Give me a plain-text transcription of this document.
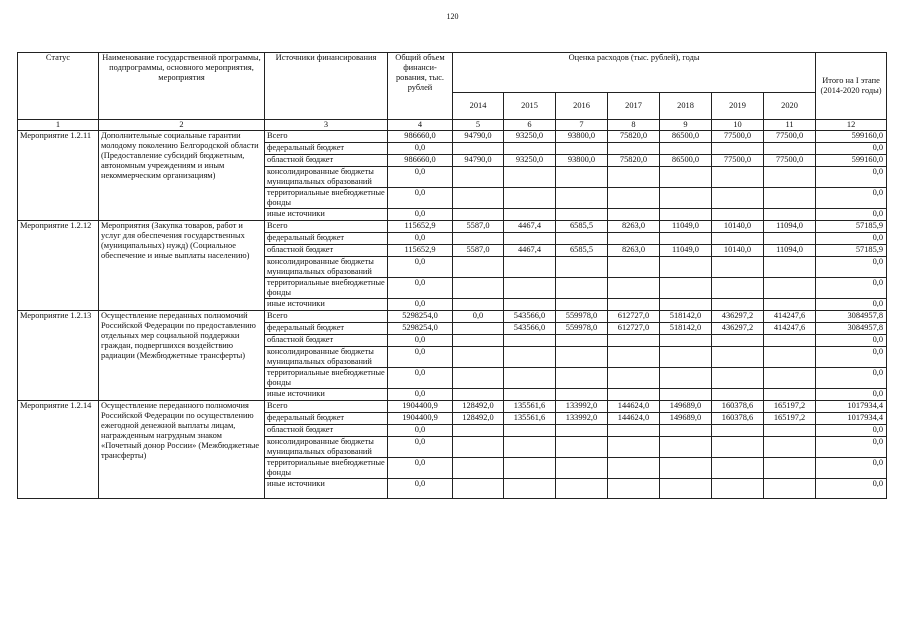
120
Статус	Наименование государственной программы, подпрограммы, основного мероприятия, мероприятия	Источники финансирования	Общий объем финанси-рования, тыс. рублей	Оценка расходов (тыс. рублей), годы							Итого на I этапе (2014-2020 годы)
				2014	2015	2016	2017	2018	2019	2020	
1	2	3	4	5	6	7	8	9	10	11	12
Мероприятие 1.2.11	Дополнительные социальные гарантии молодому поколению Белгородской области (Предоставление субсидий бюджетным, автономным учреждениям и иным некоммерческим организациям)	Всего	986660,0	94790,0	93250,0	93800,0	75820,0	86500,0	77500,0	77500,0	599160,0
		федеральный бюджет	0,0								0,0
		областной бюджет	986660,0	94790,0	93250,0	93800,0	75820,0	86500,0	77500,0	77500,0	599160,0
		консолидированные бюджеты муниципальных образований	0,0								0,0
		территориальные внебюджетные фонды	0,0								0,0
		иные источники	0,0								0,0
Мероприятие 1.2.12	Мероприятия (Закупка товаров, работ и услуг для обеспечения государственных (муниципальных) нужд) (Социальное обеспечение и иные выплаты населению)	Всего	115652,9	5587,0	4467,4	6585,5	8263,0	11049,0	10140,0	11094,0	57185,9
		федеральный бюджет	0,0								0,0
		областной бюджет	115652,9	5587,0	4467,4	6585,5	8263,0	11049,0	10140,0	11094,0	57185,9
		консолидированные бюджеты муниципальных образований	0,0								0,0
		территориальные внебюджетные фонды	0,0								0,0
		иные источники	0,0								0,0
Мероприятие 1.2.13	Осуществление переданных полномочий Российской Федерации по предоставлению отдельных мер социальной поддержки граждан, подвергшихся воздействию радиации (Межбюджетные трансферты)	Всего	5298254,0	0,0	543566,0	559978,0	612727,0	518142,0	436297,2	414247,6	3084957,8
		федеральный бюджет	5298254,0		543566,0	559978,0	612727,0	518142,0	436297,2	414247,6	3084957,8
		областной бюджет	0,0								0,0
		консолидированные бюджеты муниципальных образований	0,0								0,0
		территориальные внебюджетные фонды	0,0								0,0
		иные источники	0,0								0,0
Мероприятие 1.2.14	Осуществление переданного полномочия Российской Федерации по осуществлению ежегодной денежной выплаты лицам, награжденным нагрудным знаком «Почетный донор России» (Межбюджетные трансферты)	Всего	1904400,9	128492,0	135561,6	133992,0	144624,0	149689,0	160378,6	165197,2	1017934,4
		федеральный бюджет	1904400,9	128492,0	135561,6	133992,0	144624,0	149689,0	160378,6	165197,2	1017934,4
		областной бюджет	0,0								0,0
		консолидированные бюджеты муниципальных образований	0,0								0,0
		территориальные внебюджетные фонды	0,0								0,0
		иные источники	0,0								0,0
